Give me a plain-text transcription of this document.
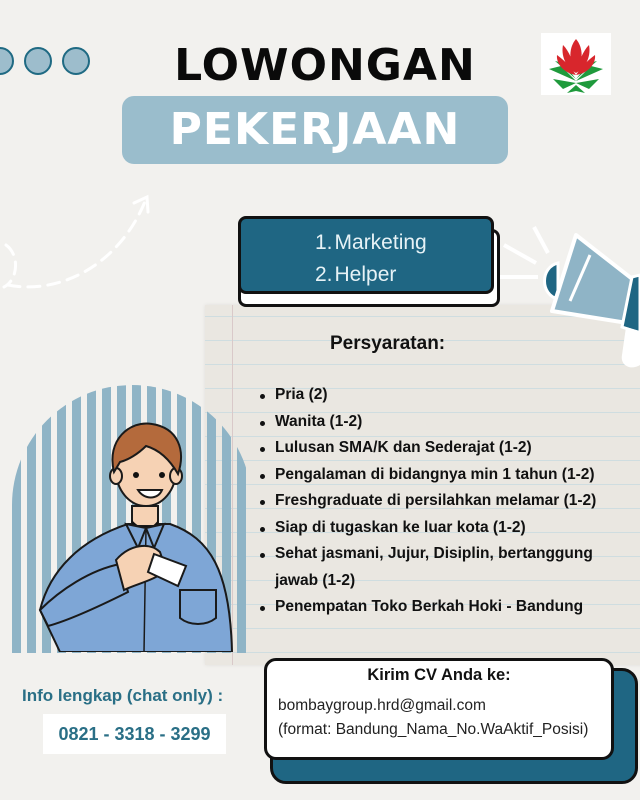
LOWONGAN
PEKERJAAN
1.Marketing
2.Helper
Persyaratan:
Pria (2)
Wanita (1-2)
Lulusan SMA/K dan Sederajat (1-2)
Pengalaman di bidangnya min 1 tahun (1-2)
Freshgraduate di persilahkan melamar (1-2)
Siap di tugaskan ke luar kota (1-2)
Sehat jasmani, Jujur, Disiplin, bertanggung jawab (1-2)
Penempatan Toko Berkah Hoki - Bandung
Info lengkap (chat only) :
0821 - 3318 - 3299
Kirim CV Anda ke:
bombaygroup.hrd@gmail.com
(format: Bandung_Nama_No.WaAktif_Posisi)
